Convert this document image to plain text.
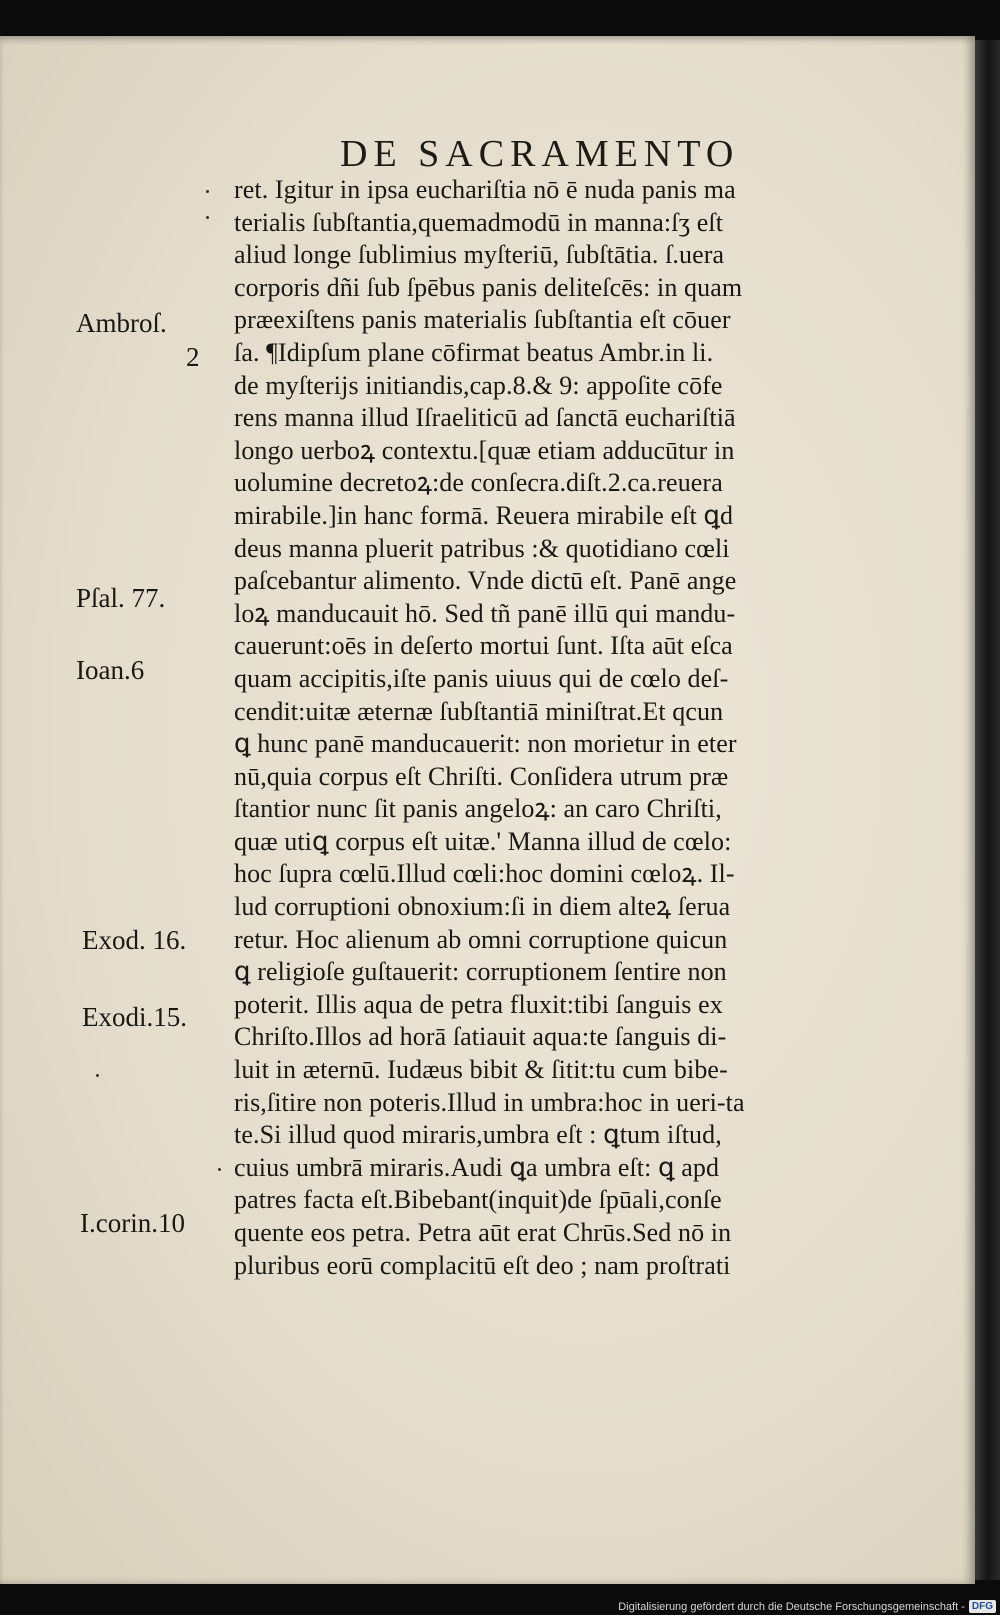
DE SACRAMENTO
ret. Igitur in ipsa euchariſtia nō ē nuda panis ma
terialis ſubſtantia,quemadmodū in manna:ſʒ eſt
aliud longe ſublimius myſteriū, ſubſtātia. ſ.uera
corporis dñi ſub ſpēbus panis deliteſcēs: in quam
præexiſtens panis materialis ſubſtantia eſt cōuer
ſa. ¶Idipſum plane cōfirmat beatus Ambr.in li.
de myſterijs initiandis,cap.8.& 9: appoſite cōfe
rens manna illud Iſraeliticū ad ſanctā euchariſtiā
longo uerboꝝ contextu.[quæ etiam adducūtur in
uolumine decretoꝝ:de conſecra.diſt.2.ca.reuera
mirabile.]in hanc formā. Reuera mirabile eſt ꝗd
deus manna pluerit patribus :& quotidiano cœli
paſcebantur alimento. Vnde dictū eſt. Panē ange
loꝝ manducauit hō. Sed tñ panē illū qui mandu-
cauerunt:oēs in deſerto mortui ſunt. Iſta aūt eſca
quam accipitis,iſte panis uiuus qui de cœlo deſ-
cendit:uitæ æternæ ſubſtantiā miniſtrat.Et qcun
ꝗ hunc panē manducauerit: non morietur in eter
nū,quia corpus eſt Chriſti. Conſidera utrum præ
ſtantior nunc ſit panis angeloꝝ: an caro Chriſti,
quæ utiꝗ corpus eſt uitæ.' Manna illud de cœlo:
hoc ſupra cœlū.Illud cœli:hoc domini cœloꝝ. Il-
lud corruptioni obnoxium:ſi in diem alteꝝ ſerua
retur. Hoc alienum ab omni corruptione quicun
ꝗ religioſe guſtauerit: corruptionem ſentire non
poterit. Illis aqua de petra fluxit:tibi ſanguis ex
Chriſto.Illos ad horā ſatiauit aqua:te ſanguis di-
luit in æternū. Iudæus bibit & ſitit:tu cum bibe-
ris,ſitire non poteris.Illud in umbra:hoc in ueri-ta
te.Si illud quod miraris,umbra eſt : ꝗtum iſtud,
cuius umbrā miraris.Audi ꝗa umbra eſt: ꝗ apd
patres facta eſt.Bibebant(inquit)de ſpūali,conſe
quente eos petra. Petra aūt erat Chrūs.Sed nō in
pluribus eorū complacitū eſt deo ; nam proſtrati
Ambroſ.
2
Pſal. 77.
Ioan.6
Exod. 16.
Exodi.15.
I.corin.10
Digitalisierung gefördert durch die Deutsche Forschungsgemeinschaft - DFG
